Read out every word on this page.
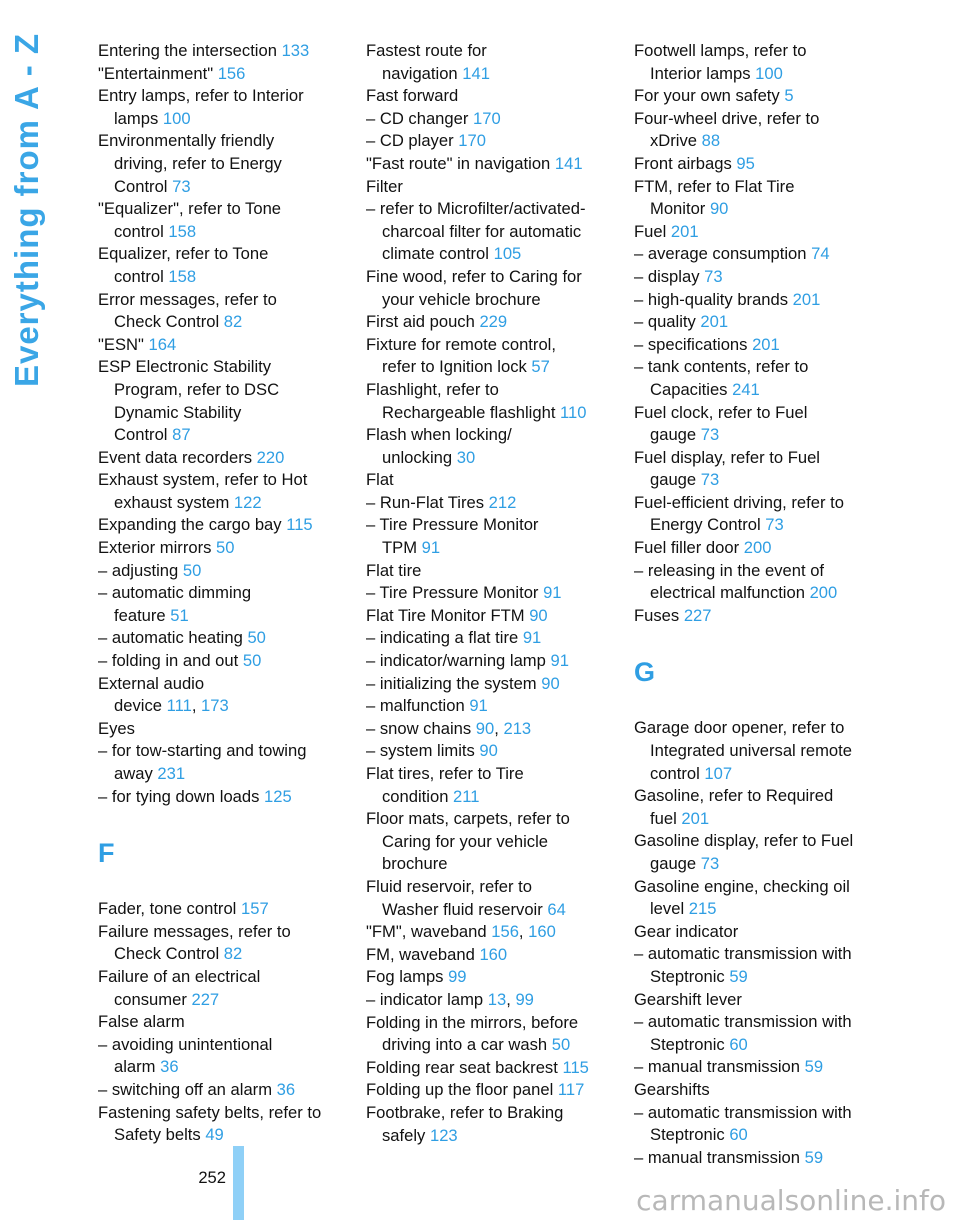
Everything from A - Z	Entering the intersection 133
"Entertainment" 156
Entry lamps, refer to Interior
lamps 100
Environmentally friendly
driving, refer to Energy
Control 73
"Equalizer", refer to Tone
control 158
Equalizer, refer to Tone
control 158
Error messages, refer to
Check Control 82
"ESN" 164
ESP Electronic Stability
Program, refer to DSC
Dynamic Stability
Control 87
Event data recorders 220
Exhaust system, refer to Hot
exhaust system 122
Expanding the cargo bay 115
Exterior mirrors 50
– adjusting 50
– automatic dimming
feature 51
– automatic heating 50
– folding in and out 50
External audio
device 111, 173
Eyes
– for tow-starting and towing
away 231
– for tying down loads 125
F
Fader, tone control 157
Failure messages, refer to
Check Control 82
Failure of an electrical
consumer 227
False alarm
– avoiding unintentional
alarm 36
– switching off an alarm 36
Fastening safety belts, refer to
Safety belts 49
Fastest route for
navigation 141
Fast forward
– CD changer 170
– CD player 170
"Fast route" in navigation 141
Filter
– refer to Microfilter/activated-
charcoal filter for automatic
climate control 105
Fine wood, refer to Caring for
your vehicle brochure
First aid pouch 229
Fixture for remote control,
refer to Ignition lock 57
Flashlight, refer to
Rechargeable flashlight 110
Flash when locking/
unlocking 30
Flat
– Run-Flat Tires 212
– Tire Pressure Monitor
TPM 91
Flat tire
– Tire Pressure Monitor 91
Flat Tire Monitor FTM 90
– indicating a flat tire 91
– indicator/warning lamp 91
– initializing the system 90
– malfunction 91
– snow chains 90, 213
– system limits 90
Flat tires, refer to Tire
condition 211
Floor mats, carpets, refer to
Caring for your vehicle
brochure
Fluid reservoir, refer to
Washer fluid reservoir 64
"FM", waveband 156, 160
FM, waveband 160
Fog lamps 99
– indicator lamp 13, 99
Folding in the mirrors, before
driving into a car wash 50
Folding rear seat backrest 115
Folding up the floor panel 117
Footbrake, refer to Braking
safely 123
Footwell lamps, refer to
Interior lamps 100
For your own safety 5
Four-wheel drive, refer to
xDrive 88
Front airbags 95
FTM, refer to Flat Tire
Monitor 90
Fuel 201
– average consumption 74
– display 73
– high-quality brands 201
– quality 201
– specifications 201
– tank contents, refer to
Capacities 241
Fuel clock, refer to Fuel
gauge 73
Fuel display, refer to Fuel
gauge 73
Fuel-efficient driving, refer to
Energy Control 73
Fuel filler door 200
– releasing in the event of
electrical malfunction 200
Fuses 227
G
Garage door opener, refer to
Integrated universal remote
control 107
Gasoline, refer to Required
fuel 201
Gasoline display, refer to Fuel
gauge 73
Gasoline engine, checking oil
level 215
Gear indicator
– automatic transmission with
Steptronic 59
Gearshift lever
– automatic transmission with
Steptronic 60
– manual transmission 59
Gearshifts
– automatic transmission with
Steptronic 60
– manual transmission 59
252
carmanualsonline.info
